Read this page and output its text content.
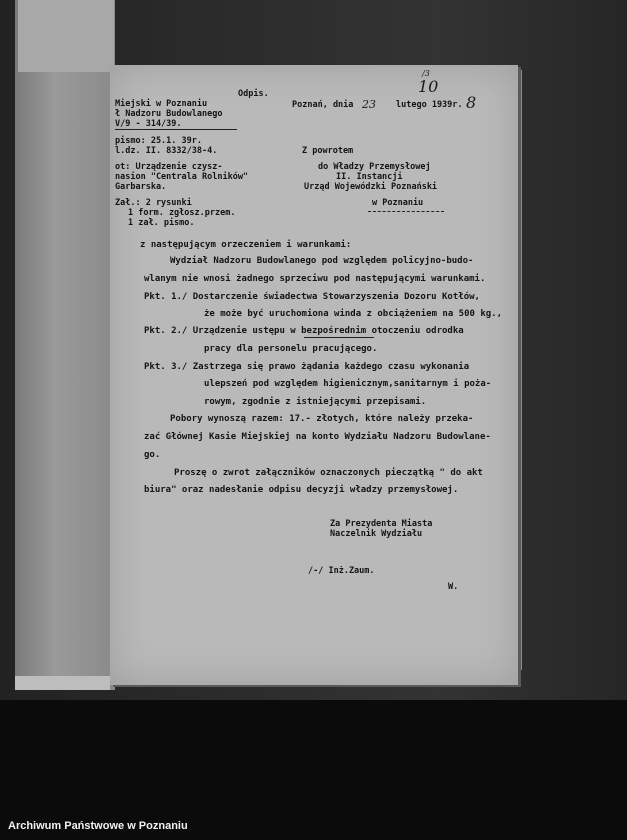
Odpis.
Poznań, dnia 23 lutego 1939r.
10
/3
8
Miejski w Poznaniu
ł Nadzoru Budowlanego
V/9 - 314/39.
pismo: 25.1. 39r.
l.dz. II. 8332/38-4.
ot: Urządzenie czysz-
nasion "Centrala Rolników"
Garbarska.
Zał.: 2 rysunki
1 form. zgłosz.przem.
1 zał. pismo.
Z powrotem
do Władzy Przemysłowej
II. Instancji
Urząd Wojewódzki Poznański
w Poznaniu
z następującym orzeczeniem i warunkami:
Wydział Nadzoru Budowlanego pod względem policyjno-budo-
wlanym nie wnosi żadnego sprzeciwu pod następującymi warunkami.
Pkt. 1./ Dostarczenie świadectwa Stowarzyszenia Dozoru Kotłów,
że może być uruchomiona winda z obciążeniem na 500 kg.,
Pkt. 2./ Urządzenie ustępu w bezpośrednim otoczeniu odrodka
pracy dla personelu pracującego.
Pkt. 3./ Zastrzega się prawo żądania każdego czasu wykonania
ulepszeń pod względem higienicznym,sanitarnym i poża-
rowym, zgodnie z istniejącymi przepisami.
Pobory wynoszą razem: 17.- złotych, które należy przeka-
zać Głównej Kasie Miejskiej na konto Wydziału Nadzoru Budowlane-
go.
Proszę o zwrot załączników oznaczonych pieczątką " do akt
biura" oraz nadesłanie odpisu decyzji władzy przemysłowej.
Za Prezydenta Miasta
Naczelnik Wydziału
/-/ Inż.Zaum.
W.
Archiwum Państwowe w Poznaniu
